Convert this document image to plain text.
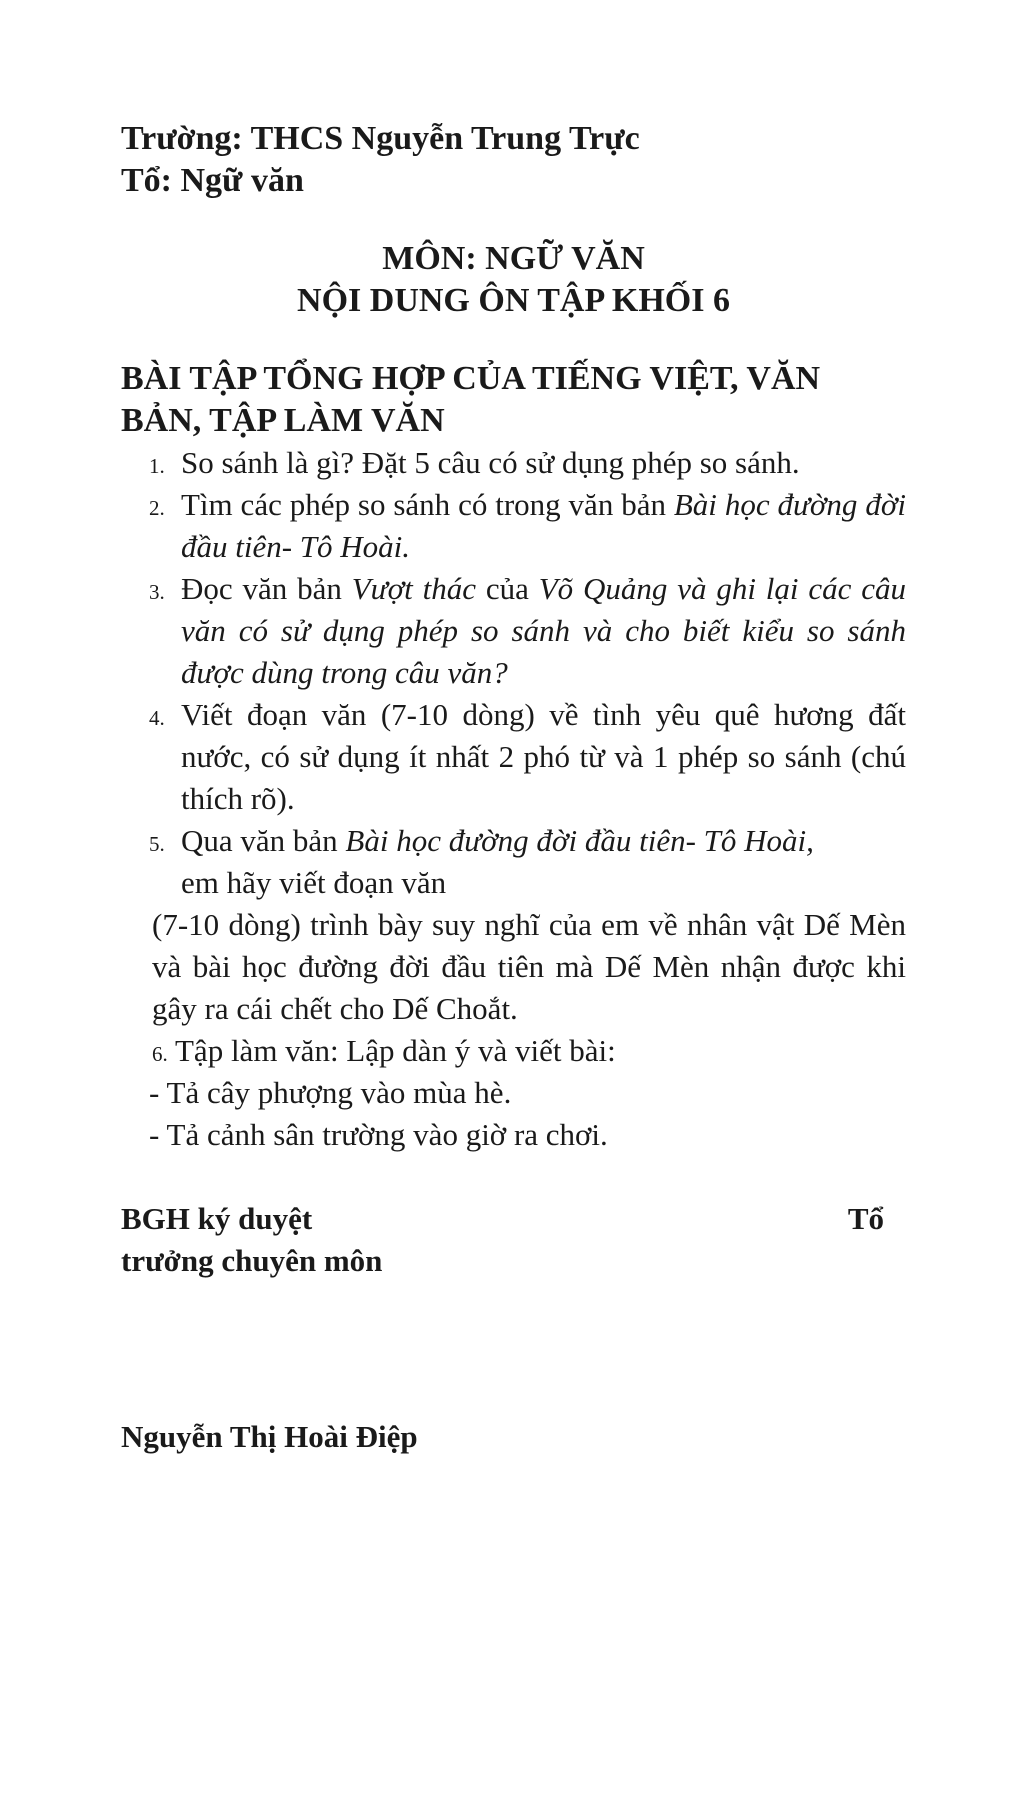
Trường: THCS Nguyễn Trung Trực

Tổ: Ngữ văn

MÔN: NGỮ VĂN

NỘI DUNG ÔN TẬP KHỐI 6

BÀI TẬP TỔNG HỢP CỦA TIẾNG VIỆT, VĂN BẢN, TẬP LÀM VĂN

1. So sánh là gì? Đặt 5 câu có sử dụng phép so sánh.
2. Tìm các phép so sánh có trong văn bản Bài học đường đời đầu tiên- Tô Hoài.
3. Đọc văn bản Vượt thác của Võ Quảng và ghi lại các câu văn có sử dụng phép so sánh và cho biết kiểu so sánh được dùng trong câu văn?
4. Viết đoạn văn (7-10 dòng) về tình yêu quê hương đất nước, có sử dụng ít nhất 2 phó từ và 1 phép so sánh (chú thích rõ).
5. Qua văn bản Bài học đường đời đầu tiên- Tô Hoài,

em hãy viết đoạn văn

(7-10 dòng) trình bày suy nghĩ của em về nhân vật Dế Mèn và bài học đường đời đầu tiên mà Dế Mèn nhận được khi gây ra cái chết cho Dế Choắt.

6. Tập làm văn: Lập dàn ý và viết bài:

- Tả cây phượng vào mùa hè.

- Tả cảnh sân trường vào giờ ra chơi.

BGH ký duyệt	Tổ

trưởng chuyên môn

Nguyễn Thị Hoài Điệp
